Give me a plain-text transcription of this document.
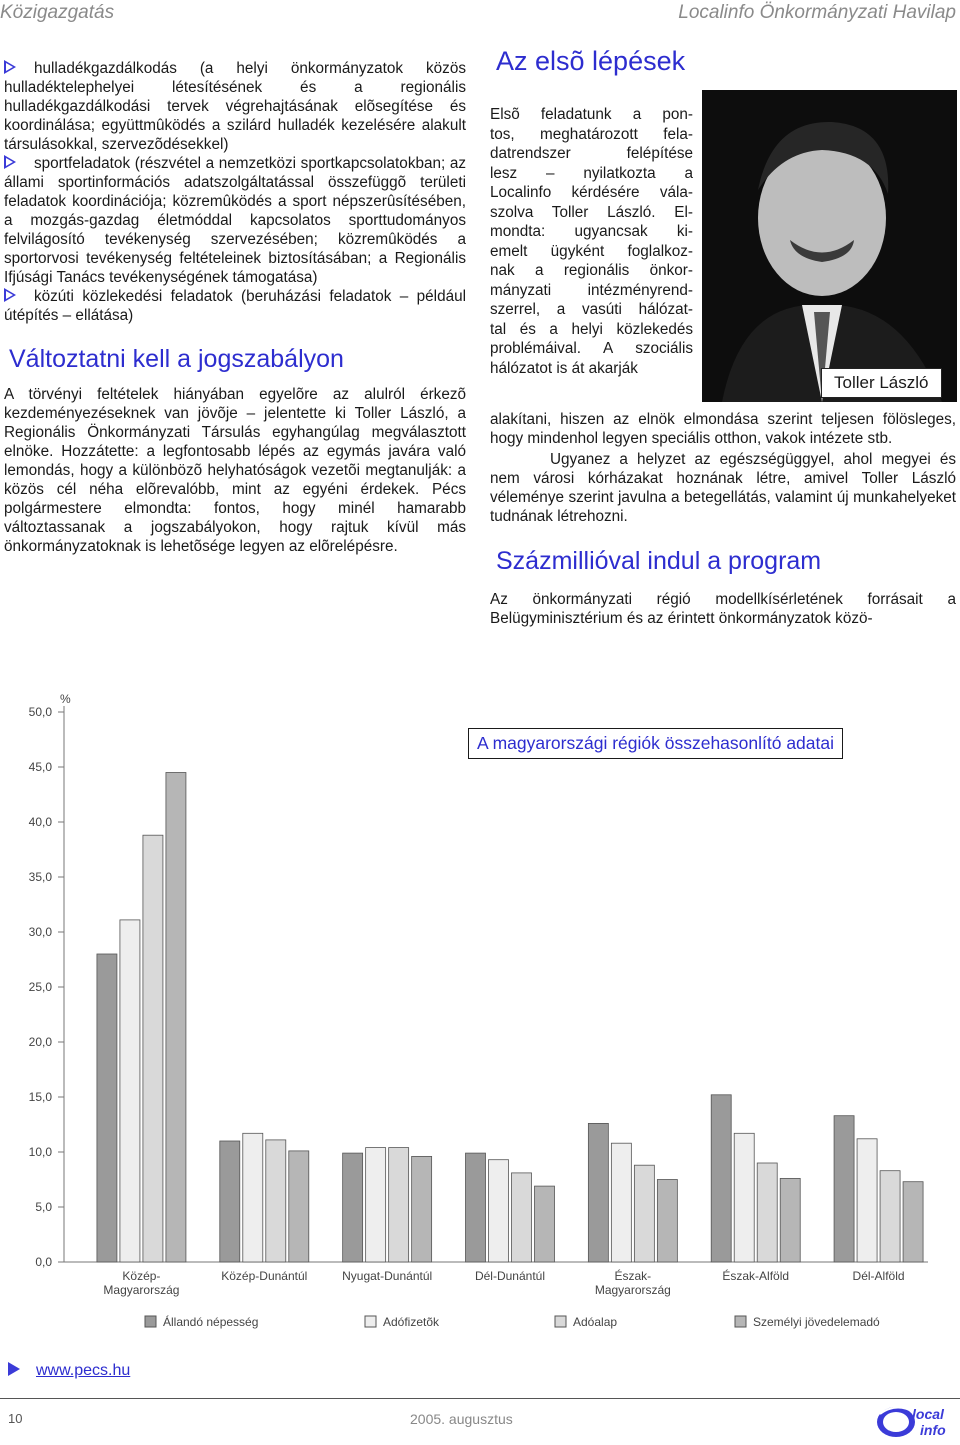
Közigazgatás	Localinfo Önkormányzati Havilap

hulladékgazdálkodás (a helyi önkormányzatok közös hulladéktelephelyei létesítésének és a regionális hulladékgazdálkodási tervek végrehajtásának elõsegítése és koordinálása; együttmûködés a szilárd hulladék kezelésére alakult társulásokkal, szervezõdésekkel)

sportfeladatok (részvétel a nemzetközi sportkapcsolatokban; az állami sportinformációs adatszolgáltatással összefüggõ területi feladatok koordinációja; közremûködés a sport népszerûsítésében, a mozgás-gazdag életmóddal kapcsolatos sporttudományos felvilágosító tevékenység szervezésében; közremûködés a sportorvosi tevékenység feltételeinek biztosításában; a Regionális Ifjúsági Tanács tevékenységének támogatása)

közúti közlekedési feladatok (beruházási feladatok – például útépítés – ellátása)

Változtatni kell a jogszabályon

A törvényi feltételek hiányában egyelõre az alulról érkezõ kezdeményezéseknek van jövõje – jelentette ki Toller László, a Regionális Önkormányzati Társulás egyhangúlag megválasztott elnöke. Hozzátette: a legfontosabb lépés az egymás javára való lemondás, hogy a különbözõ helyhatóságok vezetõi megtanulják: a közös cél néha elõrevalóbb, mint az egyéni érdekek. Pécs polgármestere elmondta: fontos, hogy minél hamarabb változtassanak a jogszabályokon, hogy rajtuk kívül más önkormányzatoknak is lehetõsége legyen az elõrelépésre.

Az elsõ lépések
Toller László
Elsõ feladatunk a pon-
tos, meghatározott fela-
datrendszer felépítése
lesz – nyilatkozta a
Localinfo kérdésére vála-
szolva Toller László. El-
mondta: ugyancsak ki-
emelt ügyként foglalkoz-
nak a regionális önkor-
mányzati intézményrend-
szerrel, a vasúti hálózat-
tal és a helyi közlekedés
problémáival. A szociális
hálózatot is át akarják

alakítani, hiszen az elnök elmondása szerint teljesen fölösleges, hogy mindenhol legyen speciális otthon, vakok intézete stb.

Ugyanez a helyzet az egészségüggyel, ahol megyei és nem városi kórházakat hoznának létre, amivel Toller László véleménye szerint javulna a betegellátás, valamint új munkahelyeket tudnának létrehozni.

Százmillióval indul a program

Az önkormányzati régió modellkísérletének forrásait a Belügyminisztérium és az érintett önkormányzatok közö-

%
0,0
5,0
10,0
15,0
20,0
25,0
30,0
35,0
40,0
45,0
50,0
Közép-
Magyarország
Közép-Dunántúl	Nyugat-Dunántúl	Dél-Dunántúl	Észak-
Magyarország
Észak-Alföld	Dél-Alföld
Állandó népesség	Adófizetõk	Adóalap	Személyi jövedelemadó
A magyarországi régiók összehasonlító adatai
www.pecs.hu
10	2005. augusztus	local
info
